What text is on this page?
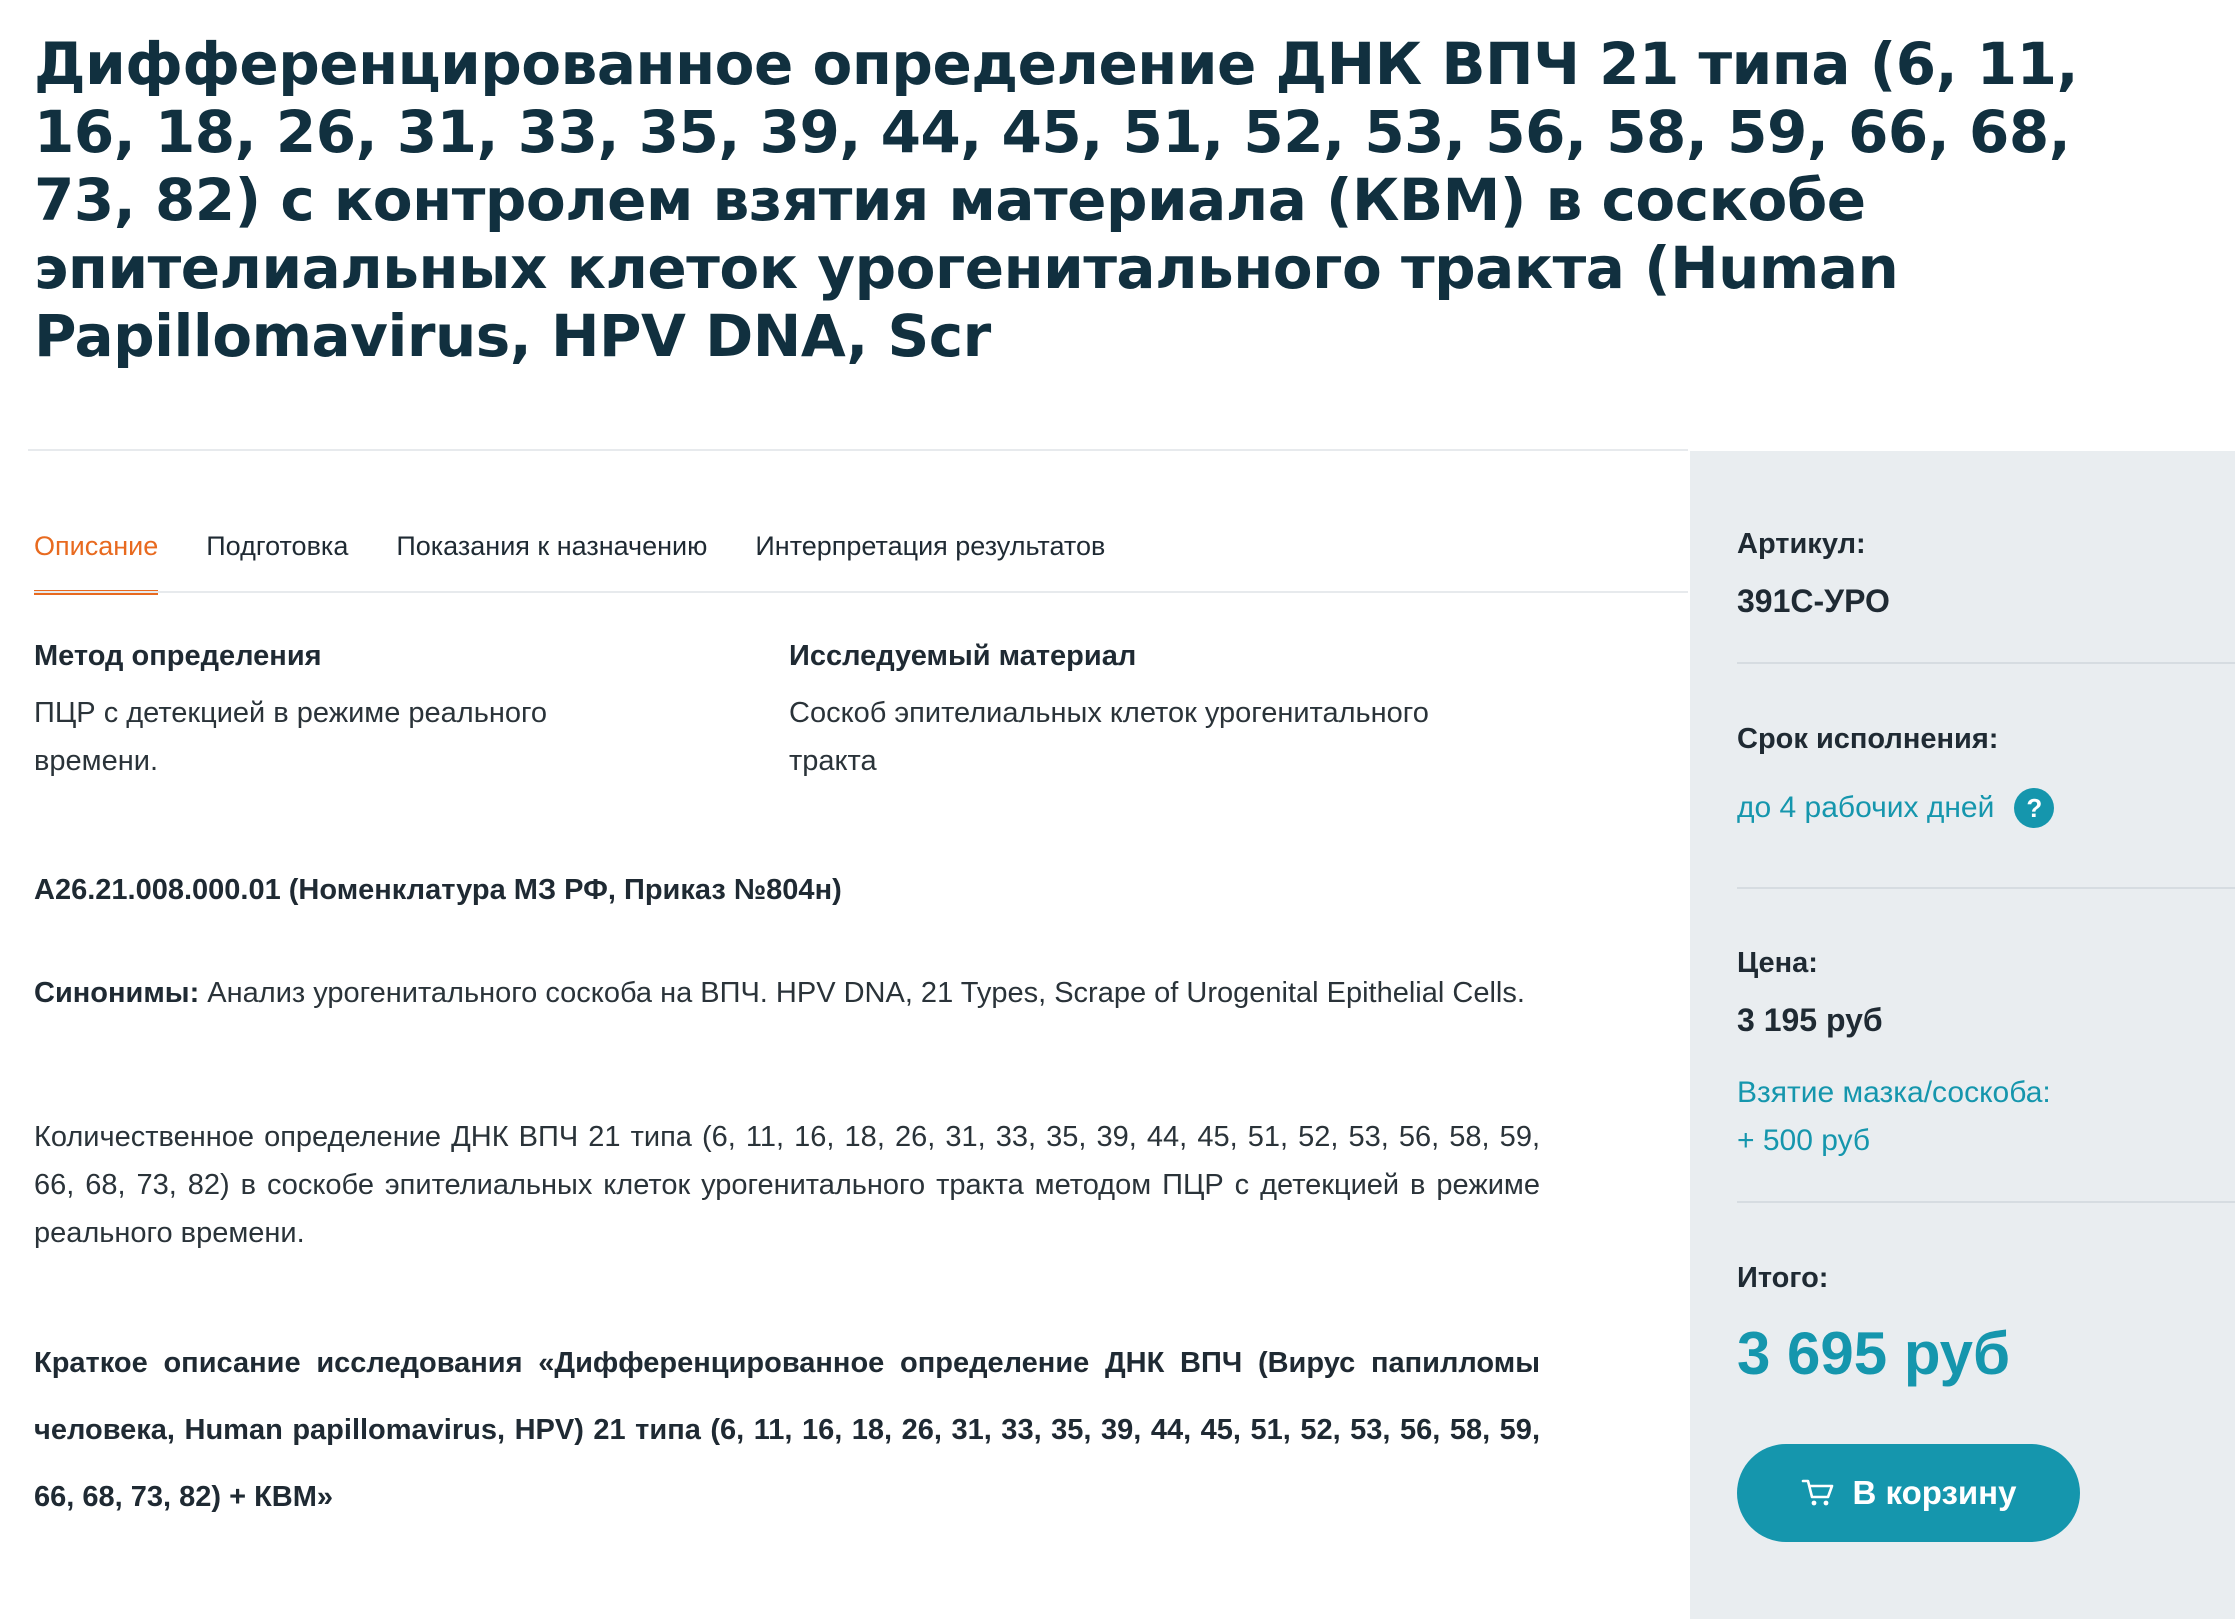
Дифференцированное определение ДНК ВПЧ 21 типа (6, 11, 16, 18, 26, 31, 33, 35, 39, 44, 45, 51, 52, 53, 56, 58, 59, 66, 68, 73, 82) с контролем взятия материала (КВМ) в соскобе эпителиальных клеток урогенитального тракта (Human Papillomavirus, HPV DNA, Scr
Описание Подготовка Показания к назначению Интерпретация результатов
Метод определения
ПЦР с детекцией в режиме реального времени.
Исследуемый материал
Соскоб эпителиальных клеток урогенитального тракта
A26.21.008.000.01 (Номенклатура МЗ РФ, Приказ №804н)

Синонимы: Анализ урогенитального соскоба на ВПЧ. HPV DNA, 21 Types, Scrape of Urogenital Epithelial Cells.

Количественное определение ДНК ВПЧ 21 типа (6, 11, 16, 18, 26, 31, 33, 35, 39, 44, 45, 51, 52, 53, 56, 58, 59, 66, 68, 73, 82) в соскобе эпителиальных клеток урогенитального тракта методом ПЦР с детекцией в режиме реального времени.

Краткое описание исследования «Дифференцированное определение ДНК ВПЧ (Вирус папилломы человека, Human papillomavirus, HPV) 21 типа (6, 11, 16, 18, 26, 31, 33, 35, 39, 44, 45, 51, 52, 53, 56, 58, 59, 66, 68, 73, 82) + КВМ»

Артикул:
391С-УРО
Срок исполнения:
до 4 рабочих дней	?
Цена:
3 195 руб
Взятие мазка/соскоба:
+ 500 руб
Итого:
3 695 руб
В корзину
